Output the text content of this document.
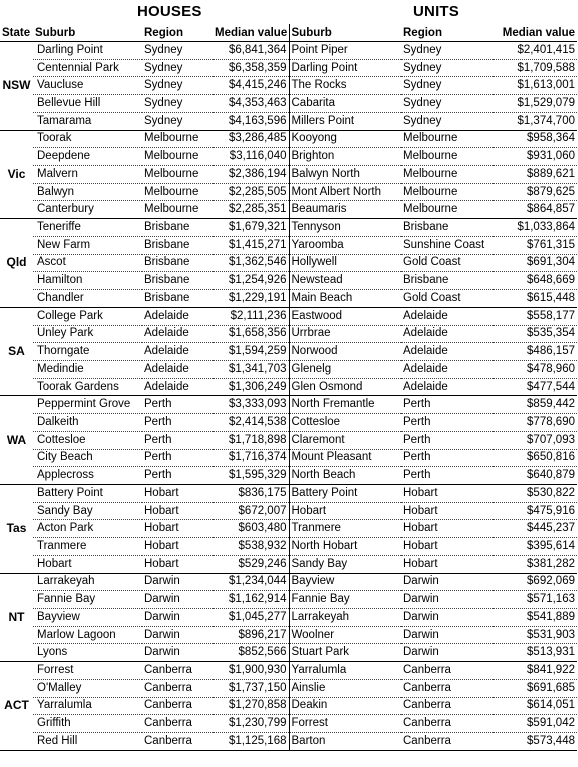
HOUSES	UNITS
State	Suburb	Region	Median value	Suburb	Region	Median value
NSW	Darling Point	Sydney	$6,841,364	Point Piper	Sydney	$2,401,415
	Centennial Park	Sydney	$6,358,359	Darling Point	Sydney	$1,709,588
	Vaucluse	Sydney	$4,415,246	The Rocks	Sydney	$1,613,001
	Bellevue Hill	Sydney	$4,353,463	Cabarita	Sydney	$1,529,079
	Tamarama	Sydney	$4,163,596	Millers Point	Sydney	$1,374,700
Vic	Toorak	Melbourne	$3,286,485	Kooyong	Melbourne	$958,364
	Deepdene	Melbourne	$3,116,040	Brighton	Melbourne	$931,060
	Malvern	Melbourne	$2,386,194	Balwyn North	Melbourne	$889,621
	Balwyn	Melbourne	$2,285,505	Mont Albert North	Melbourne	$879,625
	Canterbury	Melbourne	$2,285,351	Beaumaris	Melbourne	$864,857
Qld	Teneriffe	Brisbane	$1,679,321	Tennyson	Brisbane	$1,033,864
	New Farm	Brisbane	$1,415,271	Yaroomba	Sunshine Coast	$761,315
	Ascot	Brisbane	$1,362,546	Hollywell	Gold Coast	$691,304
	Hamilton	Brisbane	$1,254,926	Newstead	Brisbane	$648,669
	Chandler	Brisbane	$1,229,191	Main Beach	Gold Coast	$615,448
SA	College Park	Adelaide	$2,111,236	Eastwood	Adelaide	$558,177
	Unley Park	Adelaide	$1,658,356	Urrbrae	Adelaide	$535,354
	Thorngate	Adelaide	$1,594,259	Norwood	Adelaide	$486,157
	Medindie	Adelaide	$1,341,703	Glenelg	Adelaide	$478,960
	Toorak Gardens	Adelaide	$1,306,249	Glen Osmond	Adelaide	$477,544
WA	Peppermint Grove	Perth	$3,333,093	North Fremantle	Perth	$859,442
	Dalkeith	Perth	$2,414,538	Cottesloe	Perth	$778,690
	Cottesloe	Perth	$1,718,898	Claremont	Perth	$707,093
	City Beach	Perth	$1,716,374	Mount Pleasant	Perth	$650,816
	Applecross	Perth	$1,595,329	North Beach	Perth	$640,879
Tas	Battery Point	Hobart	$836,175	Battery Point	Hobart	$530,822
	Sandy Bay	Hobart	$672,007	Hobart	Hobart	$475,916
	Acton Park	Hobart	$603,480	Tranmere	Hobart	$445,237
	Tranmere	Hobart	$538,932	North Hobart	Hobart	$395,614
	Hobart	Hobart	$529,246	Sandy Bay	Hobart	$381,282
NT	Larrakeyah	Darwin	$1,234,044	Bayview	Darwin	$692,069
	Fannie Bay	Darwin	$1,162,914	Fannie Bay	Darwin	$571,163
	Bayview	Darwin	$1,045,277	Larrakeyah	Darwin	$541,889
	Marlow Lagoon	Darwin	$896,217	Woolner	Darwin	$531,903
	Lyons	Darwin	$852,566	Stuart Park	Darwin	$513,931
ACT	Forrest	Canberra	$1,900,930	Yarralumla	Canberra	$841,922
	O'Malley	Canberra	$1,737,150	Ainslie	Canberra	$691,685
	Yarralumla	Canberra	$1,270,858	Deakin	Canberra	$614,051
	Griffith	Canberra	$1,230,799	Forrest	Canberra	$591,042
	Red Hill	Canberra	$1,125,168	Barton	Canberra	$573,448
